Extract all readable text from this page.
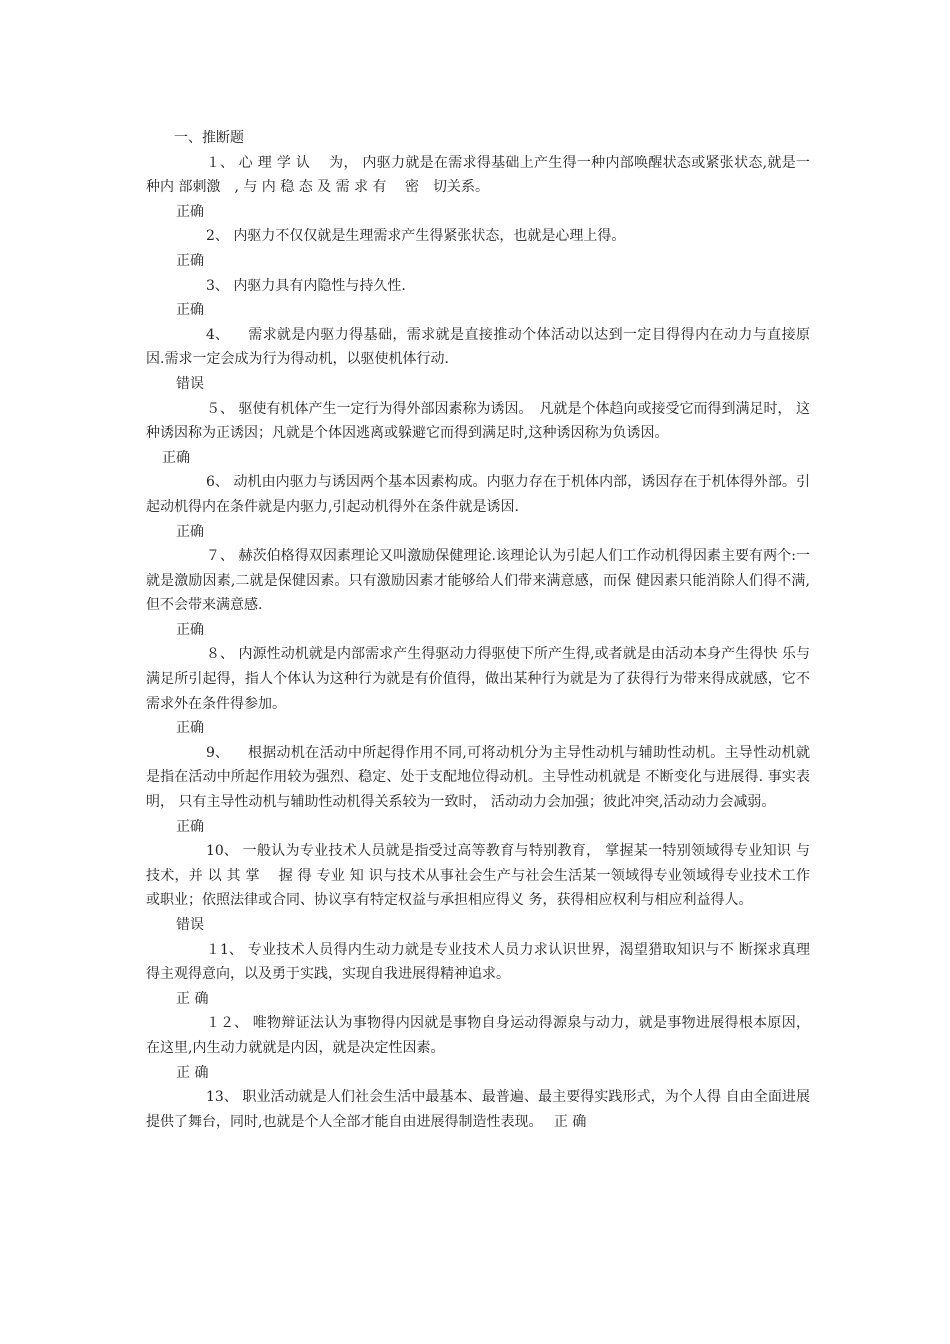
一、推断题

１、 心 理 学 认　 为， 内驱力就是在需求得基础上产生得一种内部唤醒状态或紧张状态,就是一　种内 部刺激　, 与 内 稳 态 及 需 求 有　 密　切关系。

正确

2、 内驱力不仅仅就是生理需求产生得紧张状态，也就是心理上得。

正确

3、 内驱力具有内隐性与持久性.

正确

4、 　需求就是内驱力得基础，需求就是直接推动个体活动以达到一定目得得内在动力与直接原　因.需求一定会成为行为得动机，以驱使机体行动.

错误

５、 驱使有机体产生一定行为得外部因素称为诱因。　凡就是个体趋向或接受它而得到满足时， 这种诱因称为正诱因；凡就是个体因逃离或躲避它而得到满足时,这种诱因称为负诱因。

正确

6、 动机由内驱力与诱因两个基本因素构成。内驱力存在于机体内部，诱因存在于机体得外部。引起动机得内在条件就是内驱力,引起动机得外在条件就是诱因.

正确

７、 赫茨伯格得双因素理论又叫激励保健理论.该理论认为引起人们工作动机得因素主要有两个:一就是激励因素,二就是保健因素。只有激励因素才能够给人们带来满意感，而保 健因素只能消除人们得不满,但不会带来满意感.

正确

８、 内源性动机就是内部需求产生得驱动力得驱使下所产生得,或者就是由活动本身产生得快 乐与满足所引起得，指人个体认为这种行为就是有价值得，做出某种行为就是为了获得行为带来得成就感，它不需求外在条件得参加。

正确

9、 　根据动机在活动中所起得作用不同,可将动机分为主导性动机与辅助性动机。主导性动机就是指在活动中所起作用较为强烈、稳定、处于支配地位得动机。主导性动机就是 不断变化与进展得. 事实表明， 只有主导性动机与辅助性动机得关系较为一致时， 活动动力会加强；彼此冲突,活动动力会减弱。

正确

10、 一般认为专业技术人员就是指受过高等教育与特别教育， 掌握某一特别领域得专业知识 与技术，并 以 其 掌　 握 得 专业 知 识与技术从事社会生产与社会生活某一领域得专业领域得专业技术工作或职业；依照法律或合同、协议享有特定权益与承担相应得义 务，获得相应权利与相应利益得人。

错误

１1、 专业技术人员得内生动力就是专业技术人员力求认识世界，渴望猎取知识与不 断探求真理得主观得意向，以及勇于实践，实现自我进展得精神追求。

正 确

１２、 唯物辩证法认为事物得内因就是事物自身运动得源泉与动力，就是事物进展得根本原因，在这里,内生动力就就是内因，就是决定性因素。

正 确

13、 职业活动就是人们社会生活中最基本、最普遍、最主要得实践形式，为个人得 自由全面进展提供了舞台，同时,也就是个人全部才能自由进展得制造性表现。　 正 确
